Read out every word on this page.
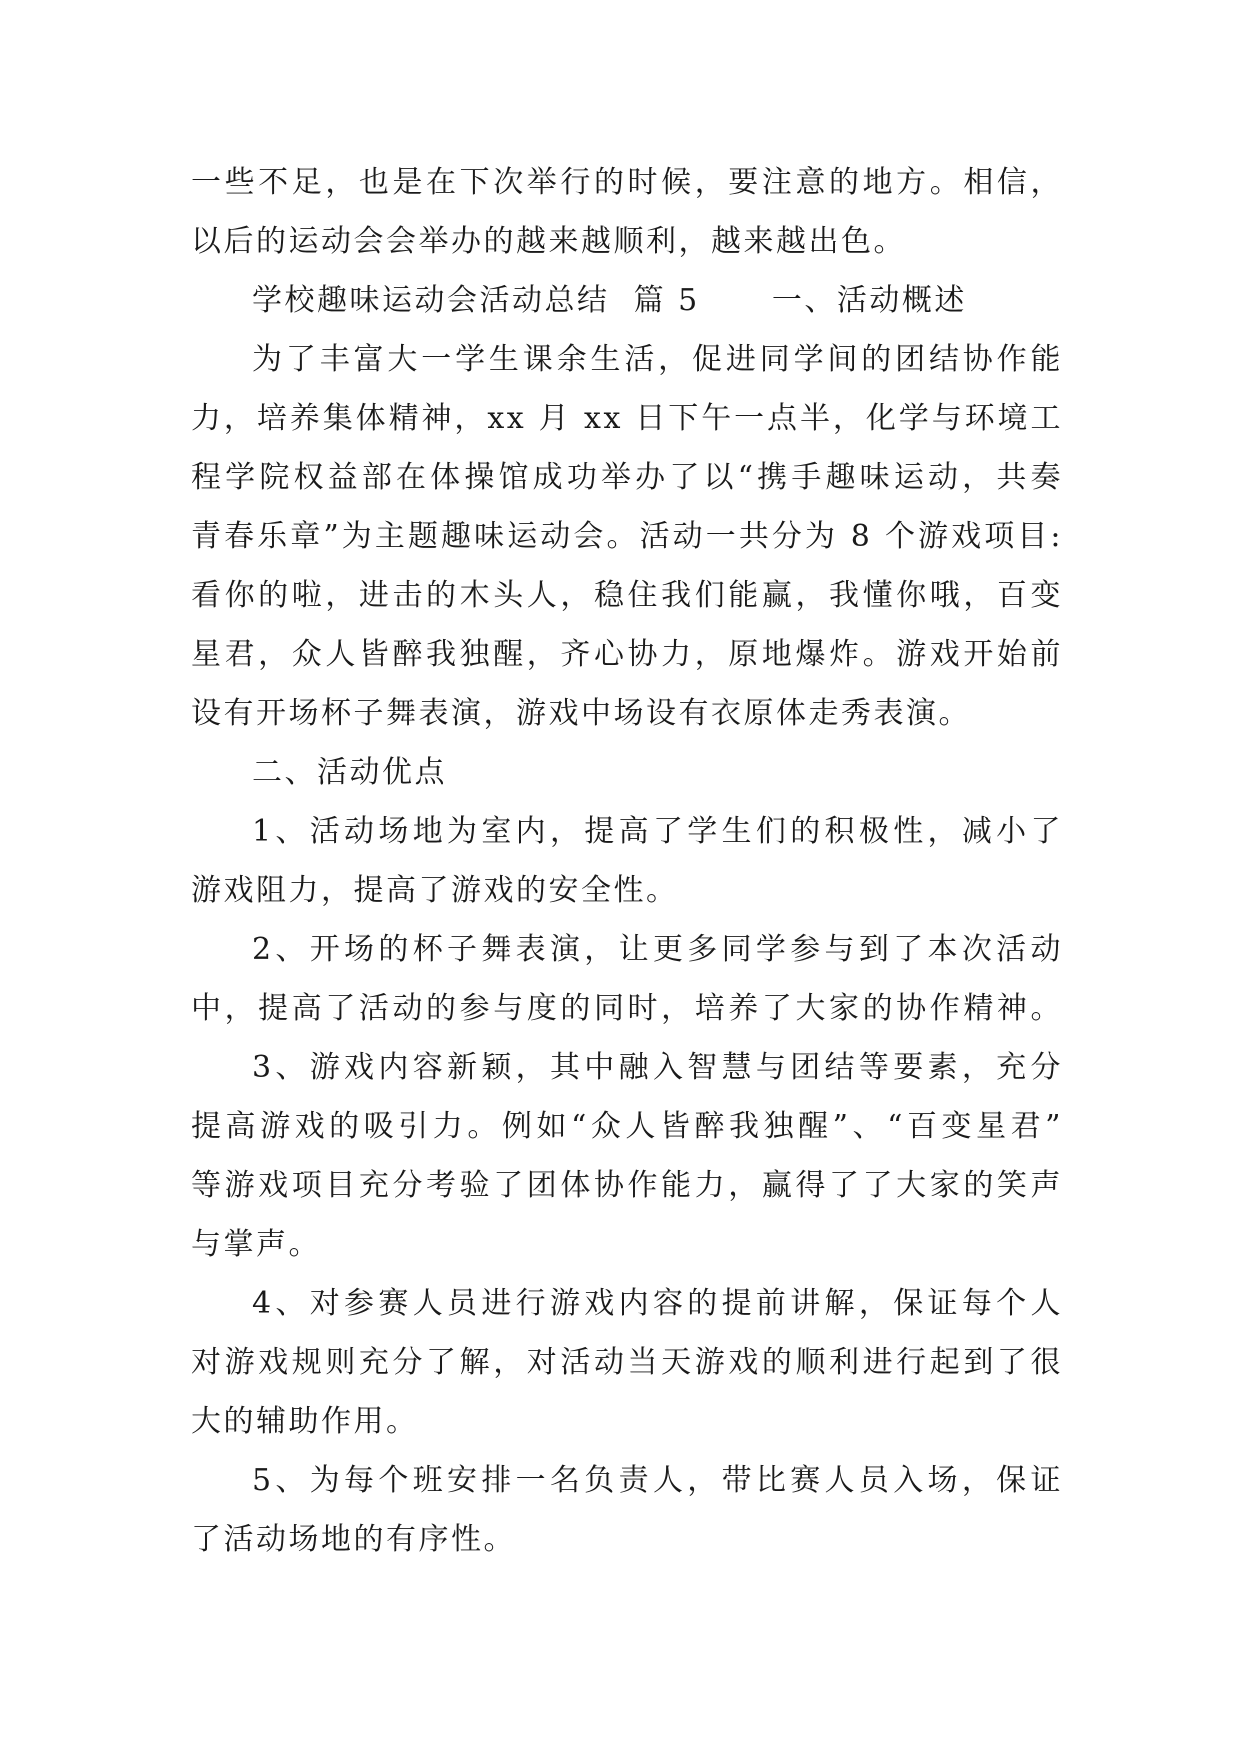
一些不足，也是在下次举行的时候，要注意的地方。相信，
以后的运动会会举办的越来越顺利，越来越出色。
学校趣味运动会活动总结  篇 5      一、活动概述
为了丰富大一学生课余生活，促进同学间的团结协作能
力，培养集体精神，xx 月 xx 日下午一点半，化学与环境工
程学院权益部在体操馆成功举办了以“携手趣味运动，共奏
青春乐章”为主题趣味运动会。活动一共分为 8 个游戏项目:
看你的啦，进击的木头人，稳住我们能赢，我懂你哦，百变
星君，众人皆醉我独醒，齐心协力，原地爆炸。游戏开始前
设有开场杯子舞表演，游戏中场设有衣原体走秀表演。
二、活动优点
1、活动场地为室内，提高了学生们的积极性，减小了
游戏阻力，提高了游戏的安全性。
2、开场的杯子舞表演，让更多同学参与到了本次活动
中，提高了活动的参与度的同时，培养了大家的协作精神。
3、游戏内容新颖，其中融入智慧与团结等要素，充分
提高游戏的吸引力。例如“众人皆醉我独醒”、“百变星君”
等游戏项目充分考验了团体协作能力，赢得了了大家的笑声
与掌声。
4、对参赛人员进行游戏内容的提前讲解，保证每个人
对游戏规则充分了解，对活动当天游戏的顺利进行起到了很
大的辅助作用。
5、为每个班安排一名负责人，带比赛人员入场，保证
了活动场地的有序性。
